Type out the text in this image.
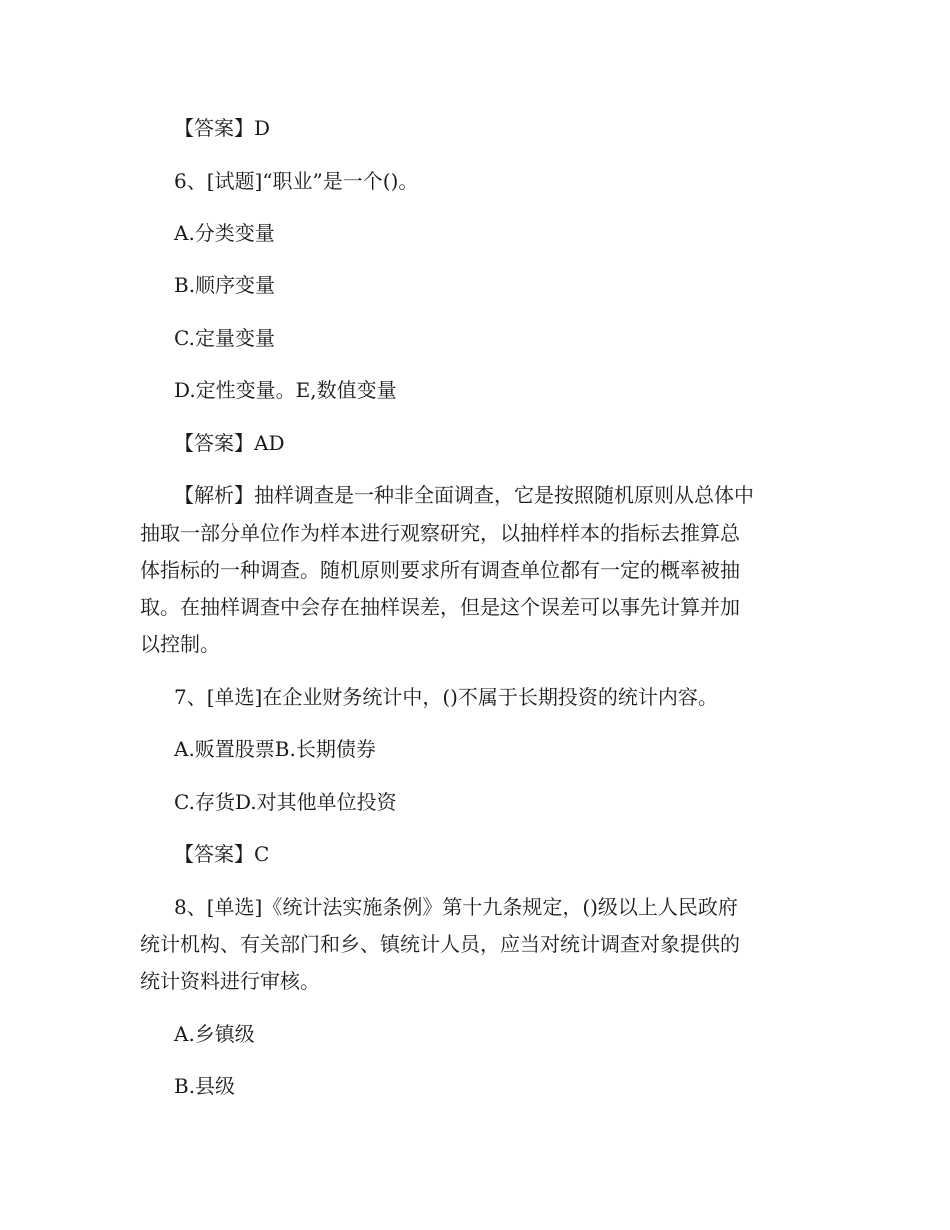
【答案】D
6、[试题]“职业”是一个()。
A.分类变量
B.顺序变量
C.定量变量
D.定性变量。E,数值变量
【答案】AD
【解析】抽样调查是一种非全面调查，它是按照随机原则从总体中
抽取一部分单位作为样本进行观察研究，以抽样样本的指标去推算总
体指标的一种调查。随机原则要求所有调查单位都有一定的概率被抽
取。在抽样调查中会存在抽样误差，但是这个误差可以事先计算并加
以控制。
7、[单选]在企业财务统计中，()不属于长期投资的统计内容。
A.贩置股票B.长期债券
C.存货D.对其他单位投资
【答案】C
8、[单选]《统计法实施条例》第十九条规定，()级以上人民政府
统计机构、有关部门和乡、镇统计人员，应当对统计调查对象提供的
统计资料进行审核。
A.乡镇级
B.县级
